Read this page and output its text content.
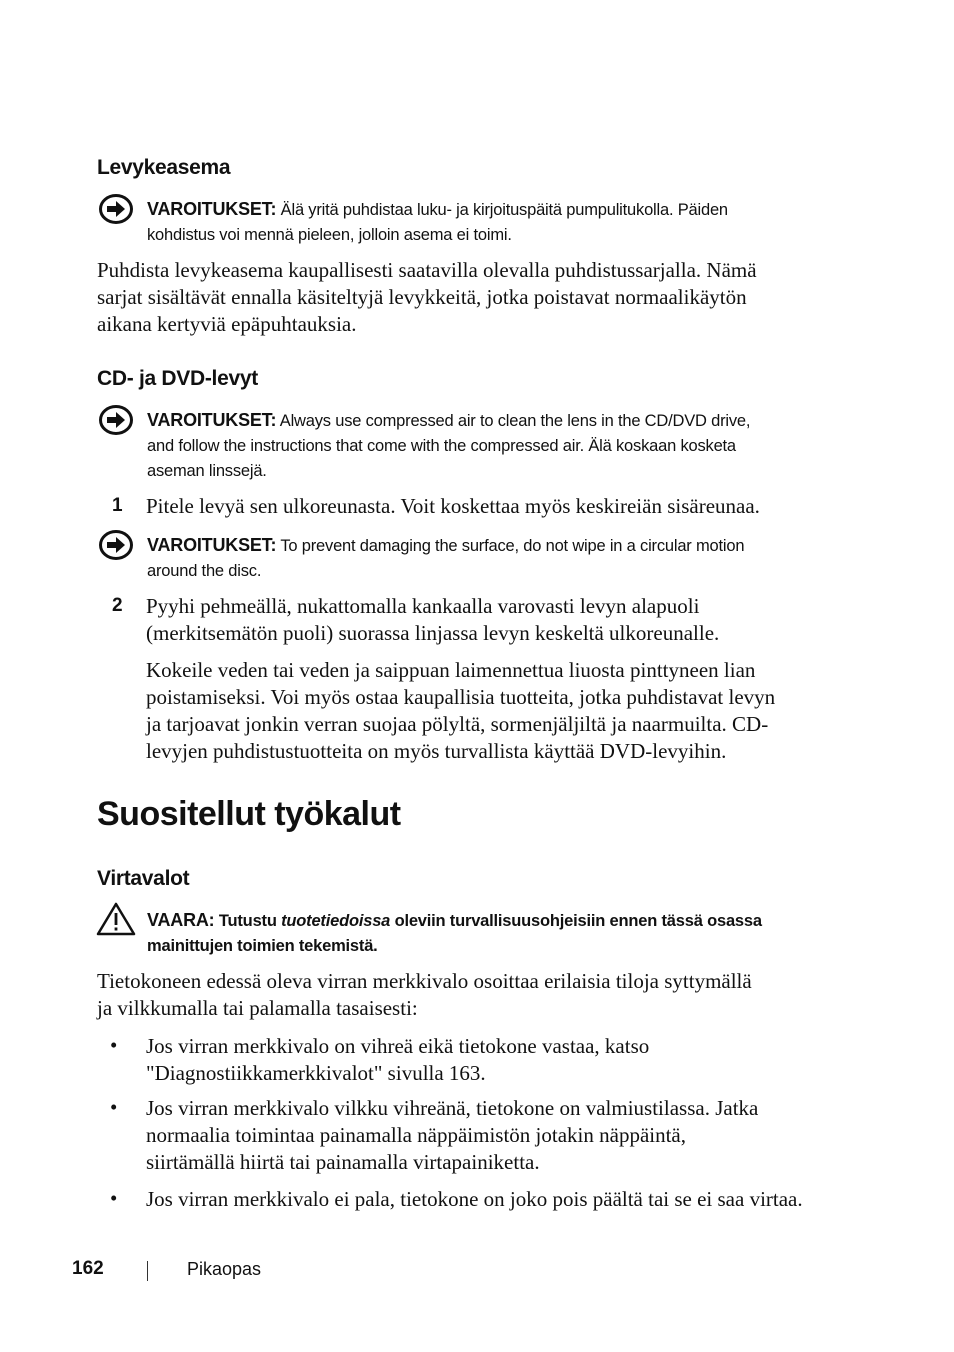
Levykeasema
VAROITUKSET: Älä yritä puhdistaa luku- ja kirjoituspäitä pumpulitukolla. Päiden
kohdistus voi mennä pieleen, jolloin asema ei toimi.
Puhdista levykeasema kaupallisesti saatavilla olevalla puhdistussarjalla. Nämä
sarjat sisältävät ennalla käsiteltyjä levykkeitä, jotka poistavat normaalikäytön
aikana kertyviä epäpuhtauksia.
CD- ja DVD-levyt
VAROITUKSET: Always use compressed air to clean the lens in the CD/DVD drive,
and follow the instructions that come with the compressed air. Älä koskaan kosketa
aseman linssejä.
1 Pitele levyä sen ulkoreunasta. Voit koskettaa myös keskireiän sisäreunaa.
VAROITUKSET: To prevent damaging the surface, do not wipe in a circular motion
around the disc.
2 Pyyhi pehmeällä, nukattomalla kankaalla varovasti levyn alapuoli
(merkitsemätön puoli) suorassa linjassa levyn keskeltä ulkoreunalle.
Kokeile veden tai veden ja saippuan laimennettua liuosta pinttyneen lian
poistamiseksi. Voi myös ostaa kaupallisia tuotteita, jotka puhdistavat levyn
ja tarjoavat jonkin verran suojaa pölyltä, sormenjäljiltä ja naarmuilta. CD-
levyjen puhdistustuotteita on myös turvallista käyttää DVD-levyihin.
Suositellut työkalut
Virtavalot
VAARA: Tutustu tuotetiedoissa oleviin turvallisuusohjeisiin ennen tässä osassa
mainittujen toimien tekemistä.
Tietokoneen edessä oleva virran merkkivalo osoittaa erilaisia tiloja syttymällä
ja vilkkumalla tai palamalla tasaisesti:
• Jos virran merkkivalo on vihreä eikä tietokone vastaa, katso
"Diagnostiikkamerkkivalot" sivulla 163.
• Jos virran merkkivalo vilkku vihreänä, tietokone on valmiustilassa. Jatka
normaalia toimintaa painamalla näppäimistön jotakin näppäintä,
siirtämällä hiirtä tai painamalla virtapainiketta.
• Jos virran merkkivalo ei pala, tietokone on joko pois päältä tai se ei saa virtaa.
162	Pikaopas
